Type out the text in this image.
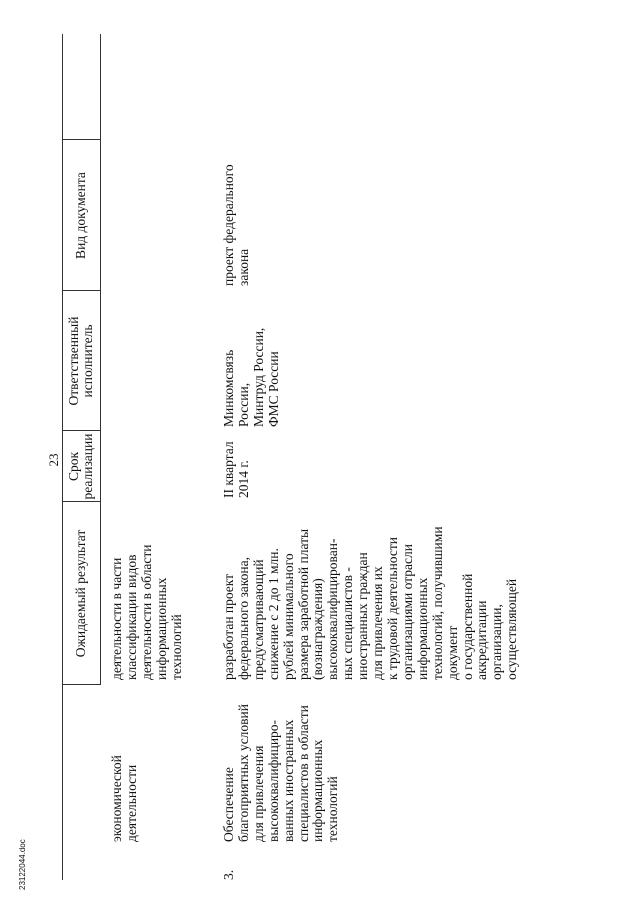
23
Ожидаемый результат
Срок
реализации
Ответственный
исполнитель
Вид документа
экономической
деятельности
деятельности в части
классификации видов
деятельности в области
информационных
технологий
3.
Обеспечение
благоприятных условий
для привлечения
высококвалифициро-
ванных иностранных
специалистов в области
информационных
технологий
разработан проект
федерального закона,
предусматривающий
снижение с 2 до 1 млн.
рублей минимального
размера заработной платы
(вознаграждения)
высококвалифицирован-
ных специалистов -
иностранных граждан
для привлечения их
к трудовой деятельности
организациями отрасли
информационных
технологий, получившими
документ
о государственной
аккредитации
организации,
осуществляющей
II квартал
2014 г.
Минкомсвязь
России,
Минтруд России,
ФМС России
проект федерального
закона
23122044.doc
